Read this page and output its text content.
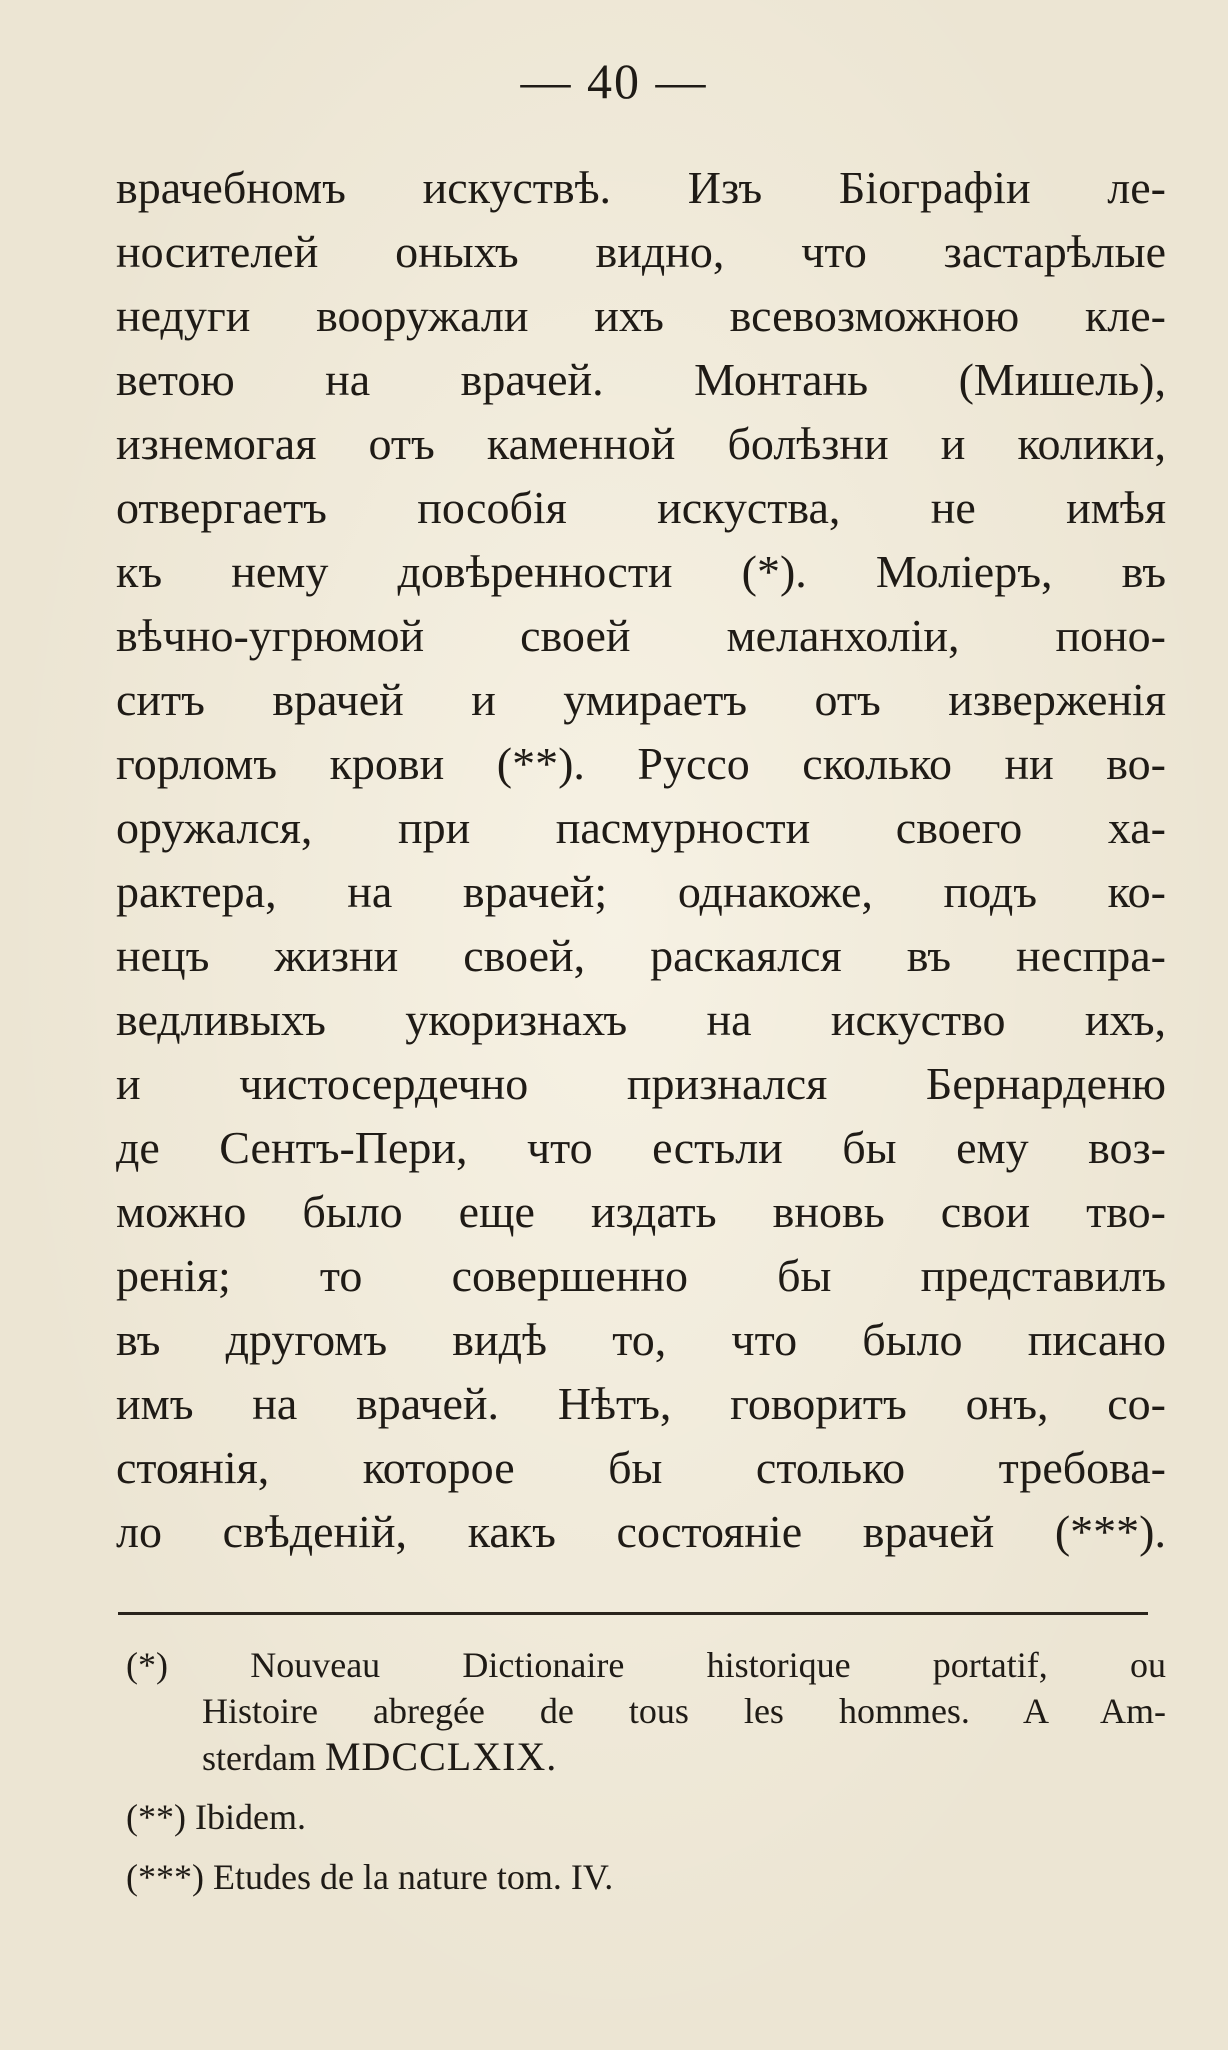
— 40 —
врачебномъ искуствѣ. Изъ Біографіи ле-
носителей оныхъ видно, что застарѣлые
недуги вооружали ихъ всевозможною кле-
ветою на врачей. Монтань (Мишель),
изнемогая отъ каменной болѣзни и колики,
отвергаетъ пособія искуства, не имѣя
къ нему довѣренности (*). Моліеръ, въ
вѣчно-угрюмой своей меланхоліи, поно-
ситъ врачей и умираетъ отъ изверженія
горломъ крови (**). Руссо сколько ни во-
оружался, при пасмурности своего ха-
рактера, на врачей; однакоже, подъ ко-
нецъ жизни своей, раскаялся въ неспра-
ведливыхъ укоризнахъ на искуство ихъ,
и чистосердечно признался Бернарденю
де Сентъ-Пери, что естьли бы ему воз-
можно было еще издать вновь свои тво-
ренія; то совершенно бы представилъ
въ другомъ видѣ то, что было писано
имъ на врачей. Нѣтъ, говоритъ онъ, со-
стоянія, которое бы столько требова-
ло свѣденій, какъ состояніе врачей (***).
(*) Nouveau Dictionaire historique portatif, ou
Histoire abregée de tous les hommes. A Am-
sterdam MDCCLXIX.
(**) Ibidem.
(***) Etudes de la nature tom. IV.
